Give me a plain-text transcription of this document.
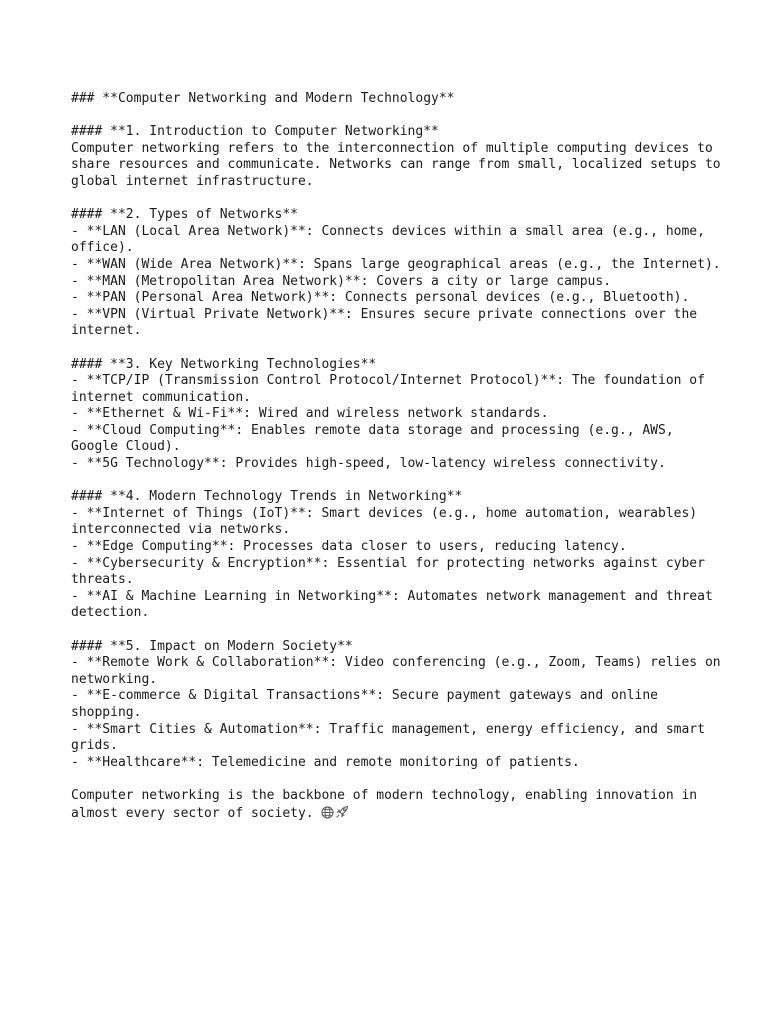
### **Computer Networking and Modern Technology**
#### **1. Introduction to Computer Networking**
Computer networking refers to the interconnection of multiple computing devices to
share resources and communicate. Networks can range from small, localized setups to
global internet infrastructure.
#### **2. Types of Networks**
- **LAN (Local Area Network)**: Connects devices within a small area (e.g., home,
office).
- **WAN (Wide Area Network)**: Spans large geographical areas (e.g., the Internet).
- **MAN (Metropolitan Area Network)**: Covers a city or large campus.
- **PAN (Personal Area Network)**: Connects personal devices (e.g., Bluetooth).
- **VPN (Virtual Private Network)**: Ensures secure private connections over the
internet.
#### **3. Key Networking Technologies**
- **TCP/IP (Transmission Control Protocol/Internet Protocol)**: The foundation of
internet communication.
- **Ethernet & Wi-Fi**: Wired and wireless network standards.
- **Cloud Computing**: Enables remote data storage and processing (e.g., AWS,
Google Cloud).
- **5G Technology**: Provides high-speed, low-latency wireless connectivity.
#### **4. Modern Technology Trends in Networking**
- **Internet of Things (IoT)**: Smart devices (e.g., home automation, wearables)
interconnected via networks.
- **Edge Computing**: Processes data closer to users, reducing latency.
- **Cybersecurity & Encryption**: Essential for protecting networks against cyber
threats.
- **AI & Machine Learning in Networking**: Automates network management and threat
detection.
#### **5. Impact on Modern Society**
- **Remote Work & Collaboration**: Video conferencing (e.g., Zoom, Teams) relies on
networking.
- **E-commerce & Digital Transactions**: Secure payment gateways and online
shopping.
- **Smart Cities & Automation**: Traffic management, energy efficiency, and smart
grids.
- **Healthcare**: Telemedicine and remote monitoring of patients.
Computer networking is the backbone of modern technology, enabling innovation in
almost every sector of society.
